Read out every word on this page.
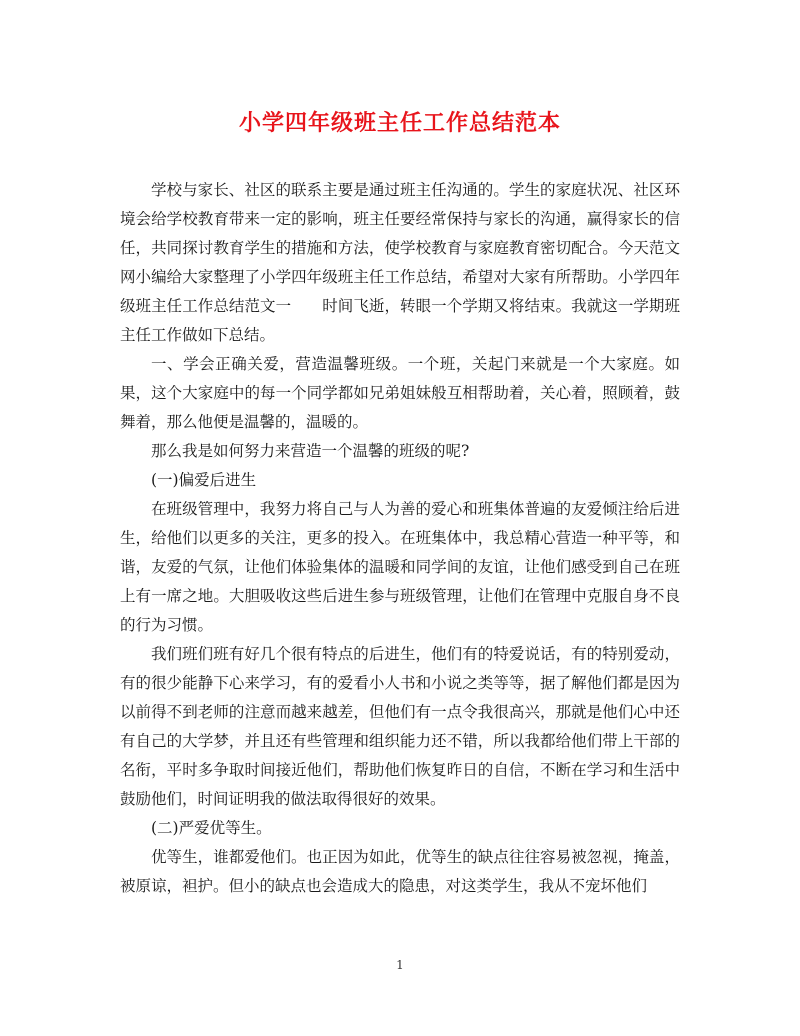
小学四年级班主任工作总结范本

学校与家长、社区的联系主要是通过班主任沟通的。学生的家庭状况、社区环境会给学校教育带来一定的影响，班主任要经常保持与家长的沟通，赢得家长的信任，共同探讨教育学生的措施和方法，使学校教育与家庭教育密切配合。今天范文网小编给大家整理了小学四年级班主任工作总结，希望对大家有所帮助。小学四年级班主任工作总结范文一　　时间飞逝，转眼一个学期又将结束。我就这一学期班主任工作做如下总结。

一、学会正确关爱，营造温馨班级。一个班，关起门来就是一个大家庭。如果，这个大家庭中的每一个同学都如兄弟姐妹般互相帮助着，关心着，照顾着，鼓舞着，那么他便是温馨的，温暖的。

那么我是如何努力来营造一个温馨的班级的呢?

(一)偏爱后进生

在班级管理中，我努力将自己与人为善的爱心和班集体普遍的友爱倾注给后进生，给他们以更多的关注，更多的投入。在班集体中，我总精心营造一种平等，和谐，友爱的气氛，让他们体验集体的温暖和同学间的友谊，让他们感受到自己在班上有一席之地。大胆吸收这些后进生参与班级管理，让他们在管理中克服自身不良的行为习惯。

我们班们班有好几个很有特点的后进生，他们有的特爱说话，有的特别爱动，有的很少能静下心来学习，有的爱看小人书和小说之类等等，据了解他们都是因为以前得不到老师的注意而越来越差，但他们有一点令我很高兴，那就是他们心中还有自己的大学梦，并且还有些管理和组织能力还不错，所以我都给他们带上干部的名衔，平时多争取时间接近他们，帮助他们恢复昨日的自信，不断在学习和生活中鼓励他们，时间证明我的做法取得很好的效果。

(二)严爱优等生。

优等生，谁都爱他们。也正因为如此，优等生的缺点往往容易被忽视，掩盖，被原谅，袒护。但小的缺点也会造成大的隐患，对这类学生，我从不宠坏他们

1
